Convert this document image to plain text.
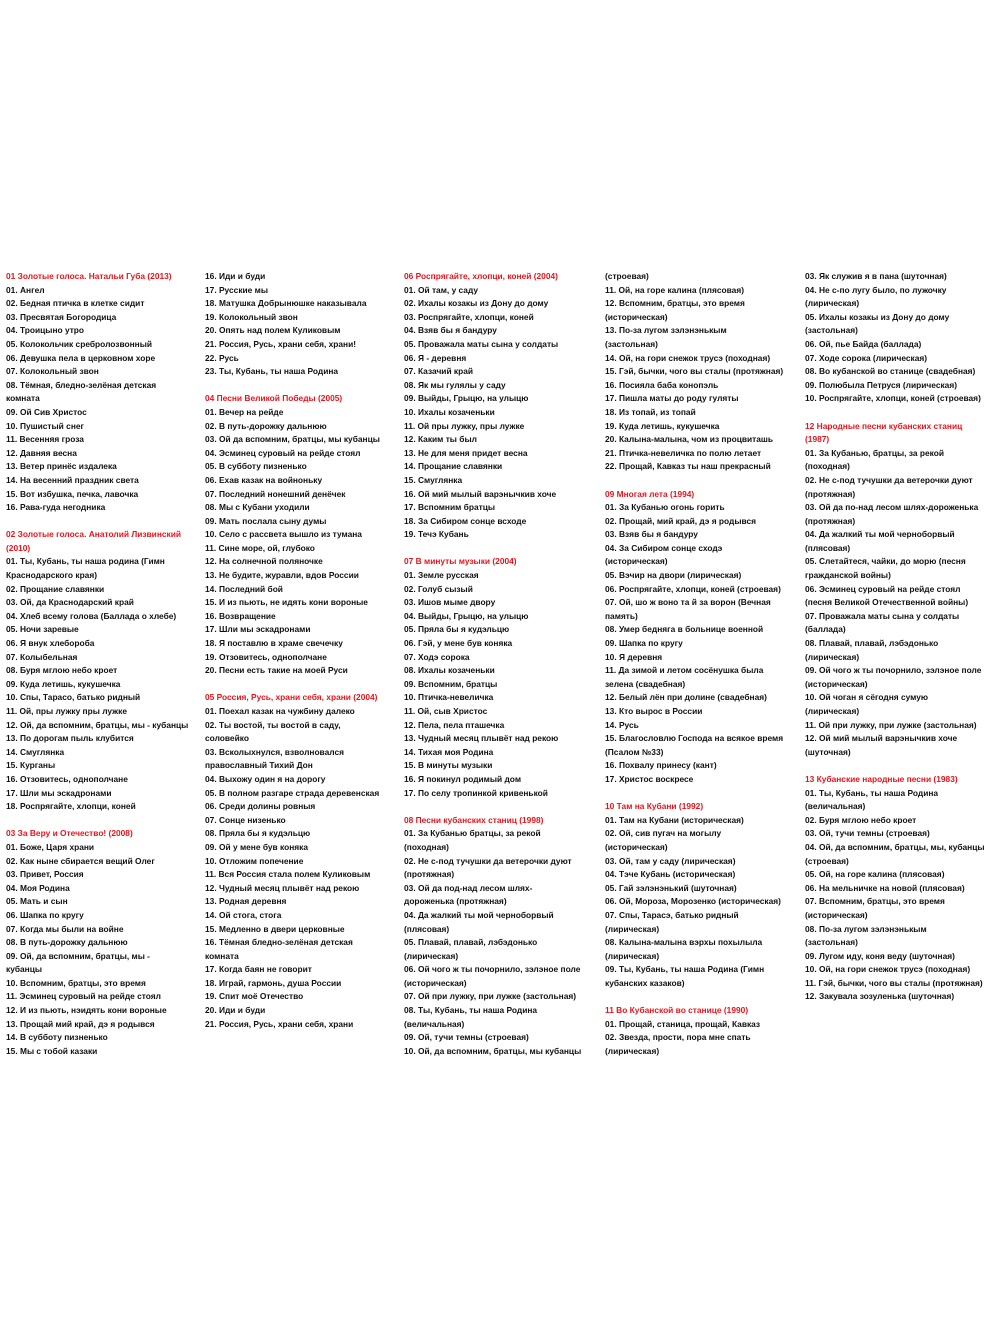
01 Золотые голоса. Натальи Губа (2013)
01. Ангел
02. Бедная птичка в клетке сидит
03. Пресвятая Богородица
04. Троицыно утро
05. Колокольчик сребролозвонный
06. Девушка пела в церковном хоре
07. Колокольный звон
08. Тёмная, бледно-зелёная детская
комната
09. Ой Сив Христос
10. Пушистый снег
11. Весенняя гроза
12. Давняя весна
13. Ветер принёс издалека
14. На весенний праздник света
15. Вот избушка, печка, лавочка
16. Рава-гуда негодника
02 Золотые голоса. Анатолий Лизвинский
(2010)
01. Ты, Кубань, ты наша родина (Гимн
Краснодарского края)
02. Прощание славянки
03. Ой, да Краснодарский край
04. Хлеб всему голова (Баллада о хлебе)
05. Ночи заревые
06. Я внук хлебороба
07. Колыбельная
08. Буря мглою небо кроет
09. Куда летишь, кукушечка
10. Спы, Тарасо, батько ридный
11. Ой, пры лужку пры лужке
12. Ой, да вспомним, братцы, мы - кубанцы
13. По дорогам пыль клубится
14. Смуглянка
15. Курганы
16. Отзовитесь, однополчане
17. Шли мы эскадронами
18. Роспрягайте, хлопци, коней
03 За Веру и Отечество! (2008)
01. Боже, Царя храни
02. Как ныне сбирается вещий Олег
03. Привет, Россия
04. Моя Родина
05. Мать и сын
06. Шапка по кругу
07. Когда мы были на войне
08. В путь-дорожку дальнюю
09. Ой, да вспомним, братцы, мы -
кубанцы
10. Вспомним, братцы, это время
11. Эсминец суровый на рейде стоял
12. И из пьють, нэидять кони вороные
13. Прощай мий край, дэ я родывся
14. В субботу пизненько
15. Мы с тобой казаки
16. Иди и буди
17. Русские мы
18. Матушка Добрынюшке наказывала
19. Колокольный звон
20. Опять над полем Куликовым
21. Россия, Русь, храни себя, храни!
22. Русь
23. Ты, Кубань, ты наша Родина
04 Песни Великой Победы (2005)
01. Вечер на рейде
02. В путь-дорожку дальнюю
03. Ой да вспомним, братцы, мы кубанцы
04. Эсминец суровый на рейде стоял
05. В субботу пизненько
06. Ехав казак на войноньку
07. Последний нонешний денёчек
08. Мы с Кубани уходили
09. Мать послала сыну думы
10. Село с рассвета вышло из тумана
11. Сине море, ой, глубоко
12. На солнечной поляночке
13. Не будите, журавли, вдов России
14. Последний бой
15. И из пьють, не идять кони вороные
16. Возвращение
17. Шли мы эскадронами
18. Я поставлю в храме свечечку
19. Отзовитесь, однополчане
20. Песни есть такие на моей Руси
05 Россия, Русь, храни себя, храни (2004)
01. Поехал казак на чужбину далеко
02. Ты востой, ты востой в саду,
соловейко
03. Всколыхнулся, взволновался
православный Тихий Дон
04. Выхожу один я на дорогу
05. В полном разгаре страда деревенская
06. Среди долины ровныя
07. Сонце низенько
08. Пряла бы я кудэльцю
09. Ой у мене був коняка
10. Отложим попечение
11. Вся Россия стала полем Куликовым
12. Чудный месяц плывёт над рекою
13. Родная деревня
14. Ой стога, стога
15. Медленно в двери церковные
16. Тёмная бледно-зелёная детская
комната
17. Когда баян не говорит
18. Играй, гармонь, душа России
19. Спит моё Отечество
20. Иди и буди
21. Россия, Русь, храни себя, храни
06 Роспрягайте, хлопци, коней (2004)
01. Ой там, у саду
02. Ихалы козакы из Дону до дому
03. Роспрягайте, хлопци, коней
04. Взяв бы я бандуру
05. Проважала маты сына у солдаты
06. Я - деревня
07. Казачий край
08. Як мы гулялы у саду
09. Выйды, Грыцю, на улыцю
10. Ихалы козаченьки
11. Ой пры лужку, пры лужке
12. Каким ты был
13. Не для меня придет весна
14. Прощание славянки
15. Смуглянка
16. Ой мий мылый варэнычкив хоче
17. Вспомним братцы
18. За Сибиром сонце всходе
19. Течэ Кубань
07 В минуты музыки (2004)
01. Земле русская
02. Голуб сызый
03. Ишов мыме двору
04. Выйды, Грыцю, на улыцю
05. Пряла бы я кудэльцю
06. Гэй, у мене був коняка
07. Ходэ сорока
08. Ихалы козаченьки
09. Вспомним, братцы
10. Птичка-невеличка
11. Ой, сыв Христос
12. Пела, пела пташечка
13. Чудный месяц плывёт над рекою
14. Тихая моя Родина
15. В минуты музыки
16. Я покинул родимый дом
17. По селу тропинкой кривенькой
08 Песни кубанских станиц (1998)
01. За Кубанью братцы, за рекой
(походная)
02. Не с-под тучушки да ветерочки дуют
(протяжная)
03. Ой да под-над лесом шлях-
дороженька (протяжная)
04. Да жалкий ты мой черноборвый
(плясовая)
05. Плавай, плавай, лэбэдонько
(лирическая)
06. Ой чого ж ты почорнило, зэлэное поле
(историческая)
07. Ой при лужку, при лужке (застольная)
08. Ты, Кубань, ты наша Родина
(величальная)
09. Ой, тучи темны (строевая)
10. Ой, да вспомним, братцы, мы кубанцы
(строевая)
11. Ой, на горе калина (плясовая)
12. Вспомним, братцы, это время
(историческая)
13. По-за лугом зэлэнэнькым
(застольная)
14. Ой, на гори снежок трусэ (походная)
15. Гэй, бычки, чого вы сталы (протяжная)
16. Посияла баба конопэль
17. Пишла маты до роду гуляты
18. Из топай, из топай
19. Куда летишь, кукушечка
20. Калына-малына, чом из процвиташь
21. Птичка-невеличка по полю летает
22. Прощай, Кавказ ты наш прекрасный
09 Многая лета (1994)
01. За Кубанью огонь горить
02. Прощай, мий край, дэ я родывся
03. Взяв бы я бандуру
04. За Сибиром сонце сходэ
(историческая)
05. Вэчир на двори (лирическая)
06. Роспрягайте, хлопци, коней (строевая)
07. Ой, шо ж воно та й за ворон (Вечная
память)
08. Умер бедняга в больнице военной
09. Шапка по кругу
10. Я деревня
11. Да зимой и летом сосёнушка была
зелена (свадебная)
12. Белый лён при долине (свадебная)
13. Кто вырос в России
14. Русь
15. Благословлю Господа на всякое время
(Псалом №33)
16. Похвалу принесу (кант)
17. Христос воскресе
10 Там на Кубани (1992)
01. Там на Кубани (историческая)
02. Ой, сив пугач на могылу
(историческая)
03. Ой, там у саду (лирическая)
04. Тэче Кубань (историческая)
05. Гай зэлэнэнький (шуточная)
06. Ой, Мороза, Морозенко (историческая)
07. Спы, Тарасэ, батько ридный
(лирическая)
08. Калына-малына вэрхы похылыла
(лирическая)
09. Ты, Кубань, ты наша Родина (Гимн
кубанских казаков)
11 Во Кубанской во станице (1990)
01. Прощай, станица, прощай, Кавказ
02. Звезда, прости, пора мне спать
(лирическая)
03. Як служив я в пана (шуточная)
04. Не с-по лугу было, по лужочку
(лирическая)
05. Ихалы козакы из Дону до дому
(застольная)
06. Ой, пье Байда (баллада)
07. Ходе сорока (лирическая)
08. Во кубанской во станице (свадебная)
09. Полюбыла Петруся (лирическая)
10. Роспрягайте, хлопци, коней (строевая)
12 Народные песни кубанских станиц
(1987)
01. За Кубанью, братцы, за рекой
(походная)
02. Не с-под тучушки да ветерочки дуют
(протяжная)
03. Ой да по-над лесом шлях-дороженька
(протяжная)
04. Да жалкий ты мой черноборвый
(плясовая)
05. Слетайтеся, чайки, до морю (песня
гражданской войны)
06. Эсминец суровый на рейде стоял
(песня Великой Отечественной войны)
07. Проважала маты сына у солдаты
(баллада)
08. Плавай, плавай, лэбэдонько
(лирическая)
09. Ой чого ж ты почорнило, зэлэное поле
(историческая)
10. Ой чоган я сёгодня сумую
(лирическая)
11. Ой при лужку, при лужке (застольная)
12. Ой мий мылый варэнычкив хоче
(шуточная)
13 Кубанские народные песни (1983)
01. Ты, Кубань, ты наша Родина
(величальная)
02. Буря мглою небо кроет
03. Ой, тучи темны (строевая)
04. Ой, да вспомним, братцы, мы, кубанцы
(строевая)
05. Ой, на горе калина (плясовая)
06. На мельничке на новой (плясовая)
07. Вспомним, братцы, это время
(историческая)
08. По-за лугом зэлэнэнькым
(застольная)
09. Лугом иду, коня веду (шуточная)
10. Ой, на гори снежок трусэ (походная)
11. Гэй, бычки, чого вы сталы (протяжная)
12. Закувала зозуленька (шуточная)
